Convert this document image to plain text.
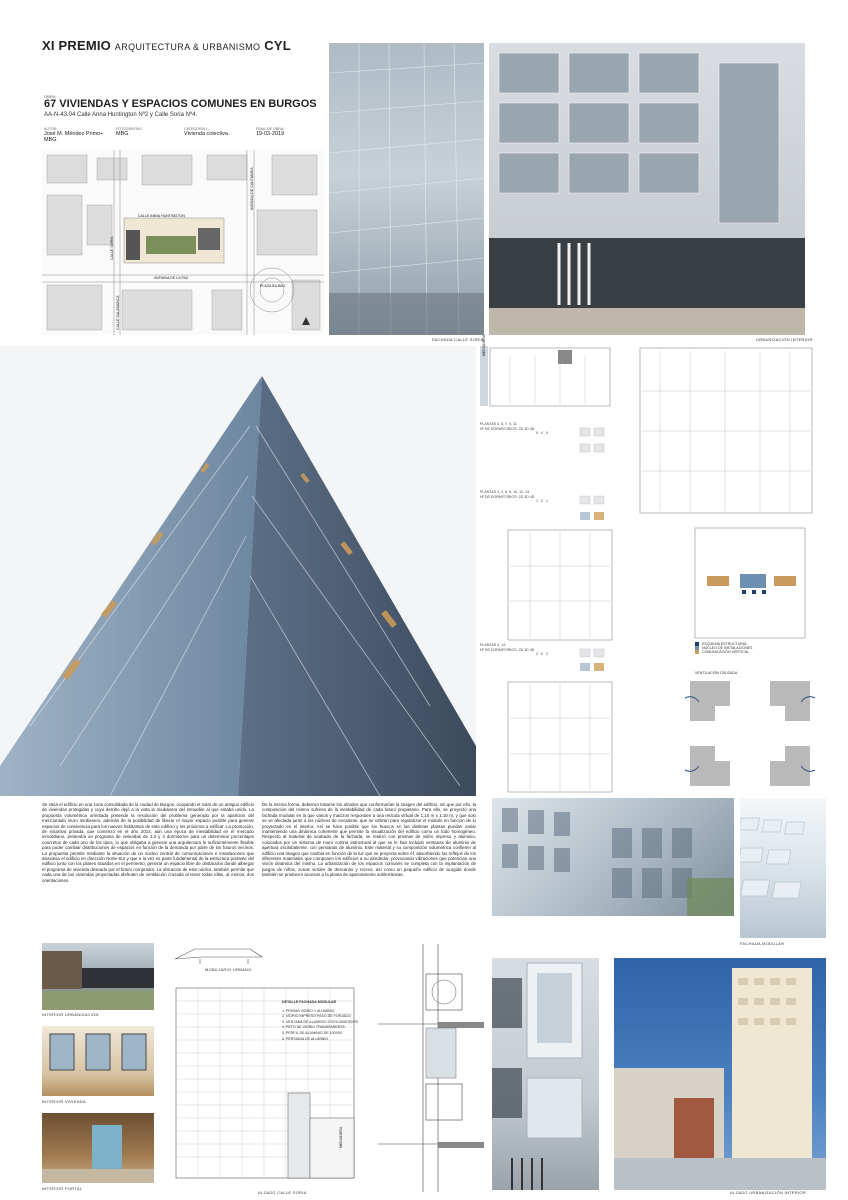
XI PREMIO ARQUITECTURA & URBANISMO CYL
OBRA:
67 VIVIENDAS Y ESPACIOS COMUNES EN BURGOS
AA-N-43.04 Calle Anna Huntington Nº2 y Calle Soria Nº4.
AUTOR:
José M. Méndez Primo+ MBG
FOTOGRAFÍAS:
MBG
CATEGORÍA 1:
Vivienda colectiva
FINAL DE OBRA:
19-03-2019
CALLE ANNA HUNTINGTON
AVENIDA DE CANTABRIA
CALLE SORIA
AVENIDA DE LA PAZ
PLAZA BILBAO
CALLE SALAMANCA
FACHADA CALLE SORIA	URBANIZACIÓN INTERIOR
MEDIANERA
PLANTAS 3, 5, 7, 9, 11
Nº DE DORMITORIOS: 2D 3D 4D
0 4 0
PLANTAS 1, 2, 6, 8, 10, 12, 13
Nº DE DORMITORIOS: 2D 3D 4D
1 2 1
PLANTAS 4, 14
Nº DE DORMITORIOS: 2D 3D 4D
2 0 2
ESQUEMA ESTRUCTURAL
NÚCLEO DE INSTALACIONES
COMUNICACIÓN VERTICAL
VENTILACIÓN CRUZADA
Se sitúa el edificio en una zona consolidada de la ciudad de Burgos, ocupando el solar de un antiguo edificio de viviendas protegidas y cuyo derribo dejó a la vista la medianera del inmueble al que estaba unido. La propuesta volumétrica orientada pretende la resolución del problema generado por la aparición del mencionado muro medianero, además de la posibilidad de liberar el mayor espacio posible para generar espacios de convivencia para los nuevos habitantes de este edificio y los próximos a edificar. La promoción, de iniciativa privada, que comenzó en el año 2014, aún una época de inestabilidad en el mercado inmobiliario, pretendía un programa de viviendas de 2,3 y 4 dormitorios para un determinar porcentajes concretos de cada uno de los tipos, lo que obligaba a generar una arquitectura lo suficientemente flexible para poder cambiar distribuciones de espacios en función de la demanda por parte de los futuros vecinos. La propuesta permite mediante la situación de un núcleo central de comunicaciones e instalaciones que atraviesa el edificio en dirección Norte-Sur y que a la vez es parte fundamental de la estructura portante del edificio junto con los pilares situados en el perímetro, generar un espacio libre de obstáculos donde albergar el programa de vivienda deseado por el futuro comprador. La ubicación de este núcleo, también permite que cada una de las viviendas proyectadas disfruten de ventilación cruzada al tener todas ellas, al menos, dos orientaciones.
De la misma forma, debieron tratarse los alzados que conformarían la imagen del edificio, sin que por ello, la composición del mismo sufriera de la inestabilidad de cada futuro propietario. Para ello, se proyectó una fachada modular en la que vanos y macizos responden a una retícula virtual de 1,10 m x 1,10 m, y que solo se ve afectada junto a los núcleos de escaleras, que se utilizan para regularizar el módulo en función de lo proyectado en el interior. Así se hace posible que los huecos en las distintas plantas puedan variar manteniendo una dinámica coherente que permite la visualización del edificio como un todo homogéneo. Respecto al material de acabado de la fachada, se realizó con prismas de vidrio impreso y aluminio, colocados por un sistema de muro cortina estructural al que se le han incluido ventanas de aluminio de apertura oscilobatiente, con persianas de aluminio. Este material y su composición volumétrica confieren al edificio una imagen que cambia en función de la luz que se proyecta sobre él, absorbiendo los reflejos de los diferentes materiales que componen los edificios a su alrededor, provocando vibraciones que potencian una visión dinámica del mismo. La urbanización de los espacios comunes se completa con la implantación de juegos de niños, zonas verdes de descanso y recreo, así como un pequeño edificio de acogida donde también se producen accesos a la planta de aparcamiento subterráneas.
FACHADA MODULAR
INTERIOR URBANIZACIÓN
INTERIOR VIVIENDA
INTERIOR PORTAL
MOBILIARIO URBANO
MEDIANERA
ALZADO CALLE SORIA
DETALLE FACHADA MODULAR
1. PRISMA VIDRIO Y ALUMINIO
2. VIDRIO IMPRESO PASO DE FORJADO
3. VENTANA DE ALUMINIO OSCILOBATIENTE
4. PETO DE VIDRIO TRANSPARENTE
5. PERFIL DE ALUMINIO DE 100X50
6. PERSIANA DE ALUMINIO
ALZADO URBANIZACIÓN INTERIOR
